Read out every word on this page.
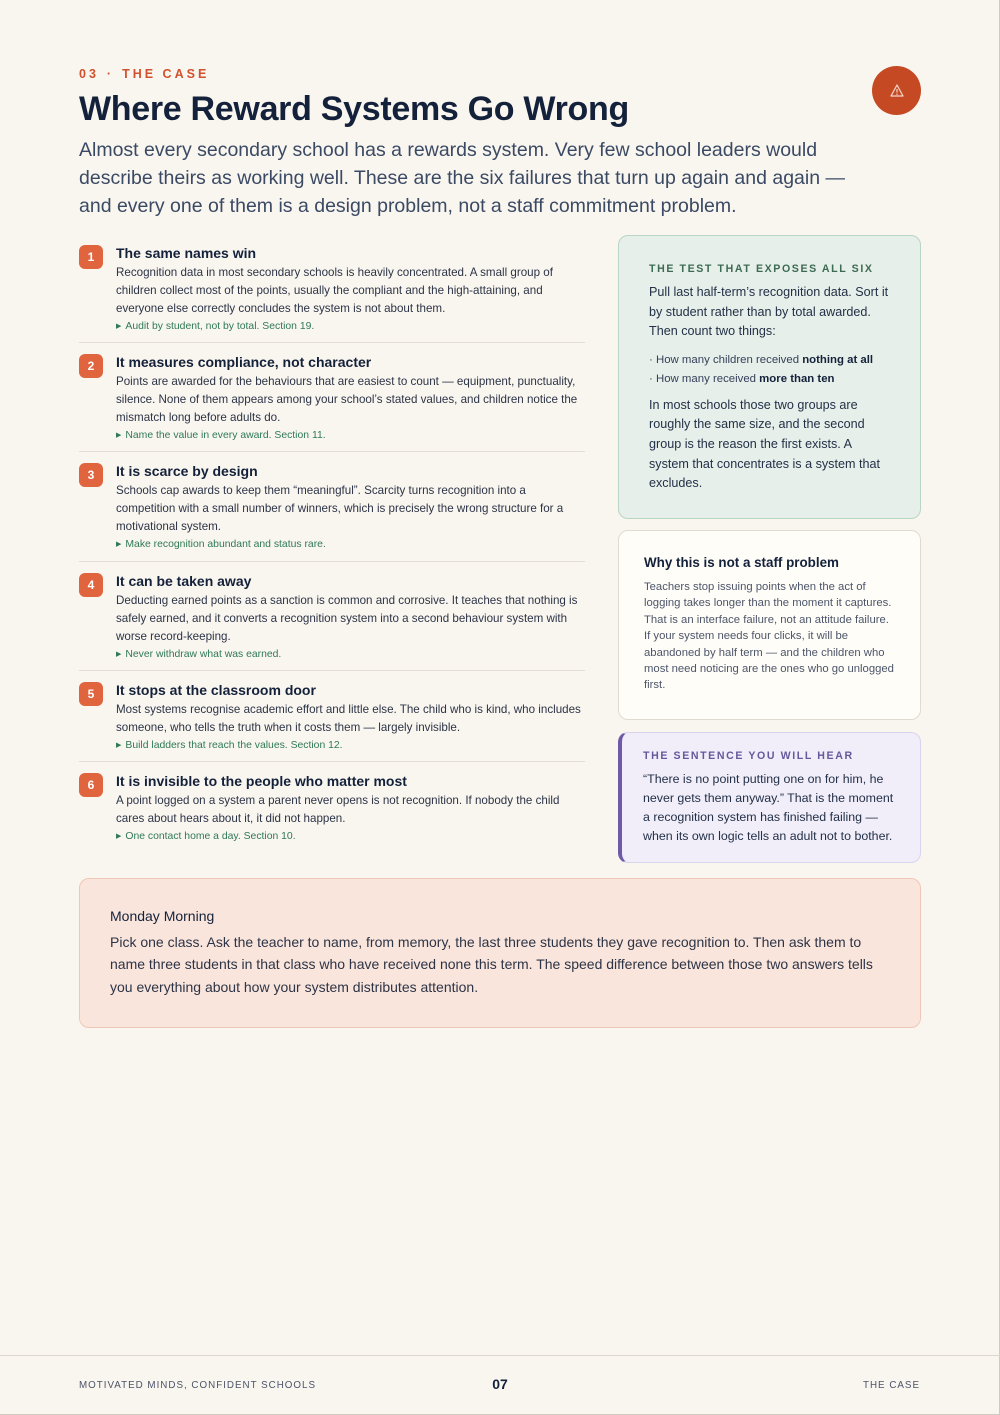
03 · THE CASE
Where Reward Systems Go Wrong

Almost every secondary school has a rewards system. Very few school leaders would describe theirs as working well. These are the six failures that turn up again and again — and every one of them is a design problem, not a staff commitment problem.

1	The same names win

Recognition data in most secondary schools is heavily concentrated. A small group of children collect most of the points, usually the compliant and the high-attaining, and everyone else correctly concludes the system is not about them.

▶ Audit by student, not by total. Section 19.
2	It measures compliance, not character

Points are awarded for the behaviours that are easiest to count — equipment, punctuality, silence. None of them appears among your school’s stated values, and children notice the mismatch long before adults do.

▶ Name the value in every award. Section 11.
3	It is scarce by design

Schools cap awards to keep them “meaningful”. Scarcity turns recognition into a competition with a small number of winners, which is precisely the wrong structure for a motivational system.

▶ Make recognition abundant and status rare.
4	It can be taken away

Deducting earned points as a sanction is common and corrosive. It teaches that nothing is safely earned, and it converts a recognition system into a second behaviour system with worse record-keeping.

▶ Never withdraw what was earned.
5	It stops at the classroom door

Most systems recognise academic effort and little else. The child who is kind, who includes someone, who tells the truth when it costs them — largely invisible.

▶ Build ladders that reach the values. Section 12.
6	It is invisible to the people who matter most

A point logged on a system a parent never opens is not recognition. If nobody the child cares about hears about it, it did not happen.

▶ One contact home a day. Section 10.
THE TEST THAT EXPOSES ALL SIX

Pull last half-term’s recognition data. Sort it by student rather than by total awarded. Then count two things:

· How many children received nothing at all
· How many received more than ten

In most schools those two groups are roughly the same size, and the second group is the reason the first exists. A system that concentrates is a system that excludes.

Why this is not a staff problem

Teachers stop issuing points when the act of logging takes longer than the moment it captures. That is an interface failure, not an attitude failure. If your system needs four clicks, it will be abandoned by half term — and the children who most need noticing are the ones who go unlogged first.

THE SENTENCE YOU WILL HEAR

“There is no point putting one on for him, he never gets them anyway.” That is the moment a recognition system has finished failing — when its own logic tells an adult not to bother.

Monday Morning

Pick one class. Ask the teacher to name, from memory, the last three students they gave recognition to. Then ask them to name three students in that class who have received none this term. The speed difference between those two answers tells you everything about how your system distributes attention.

MOTIVATED MINDS, CONFIDENT SCHOOLS	07	THE CASE
